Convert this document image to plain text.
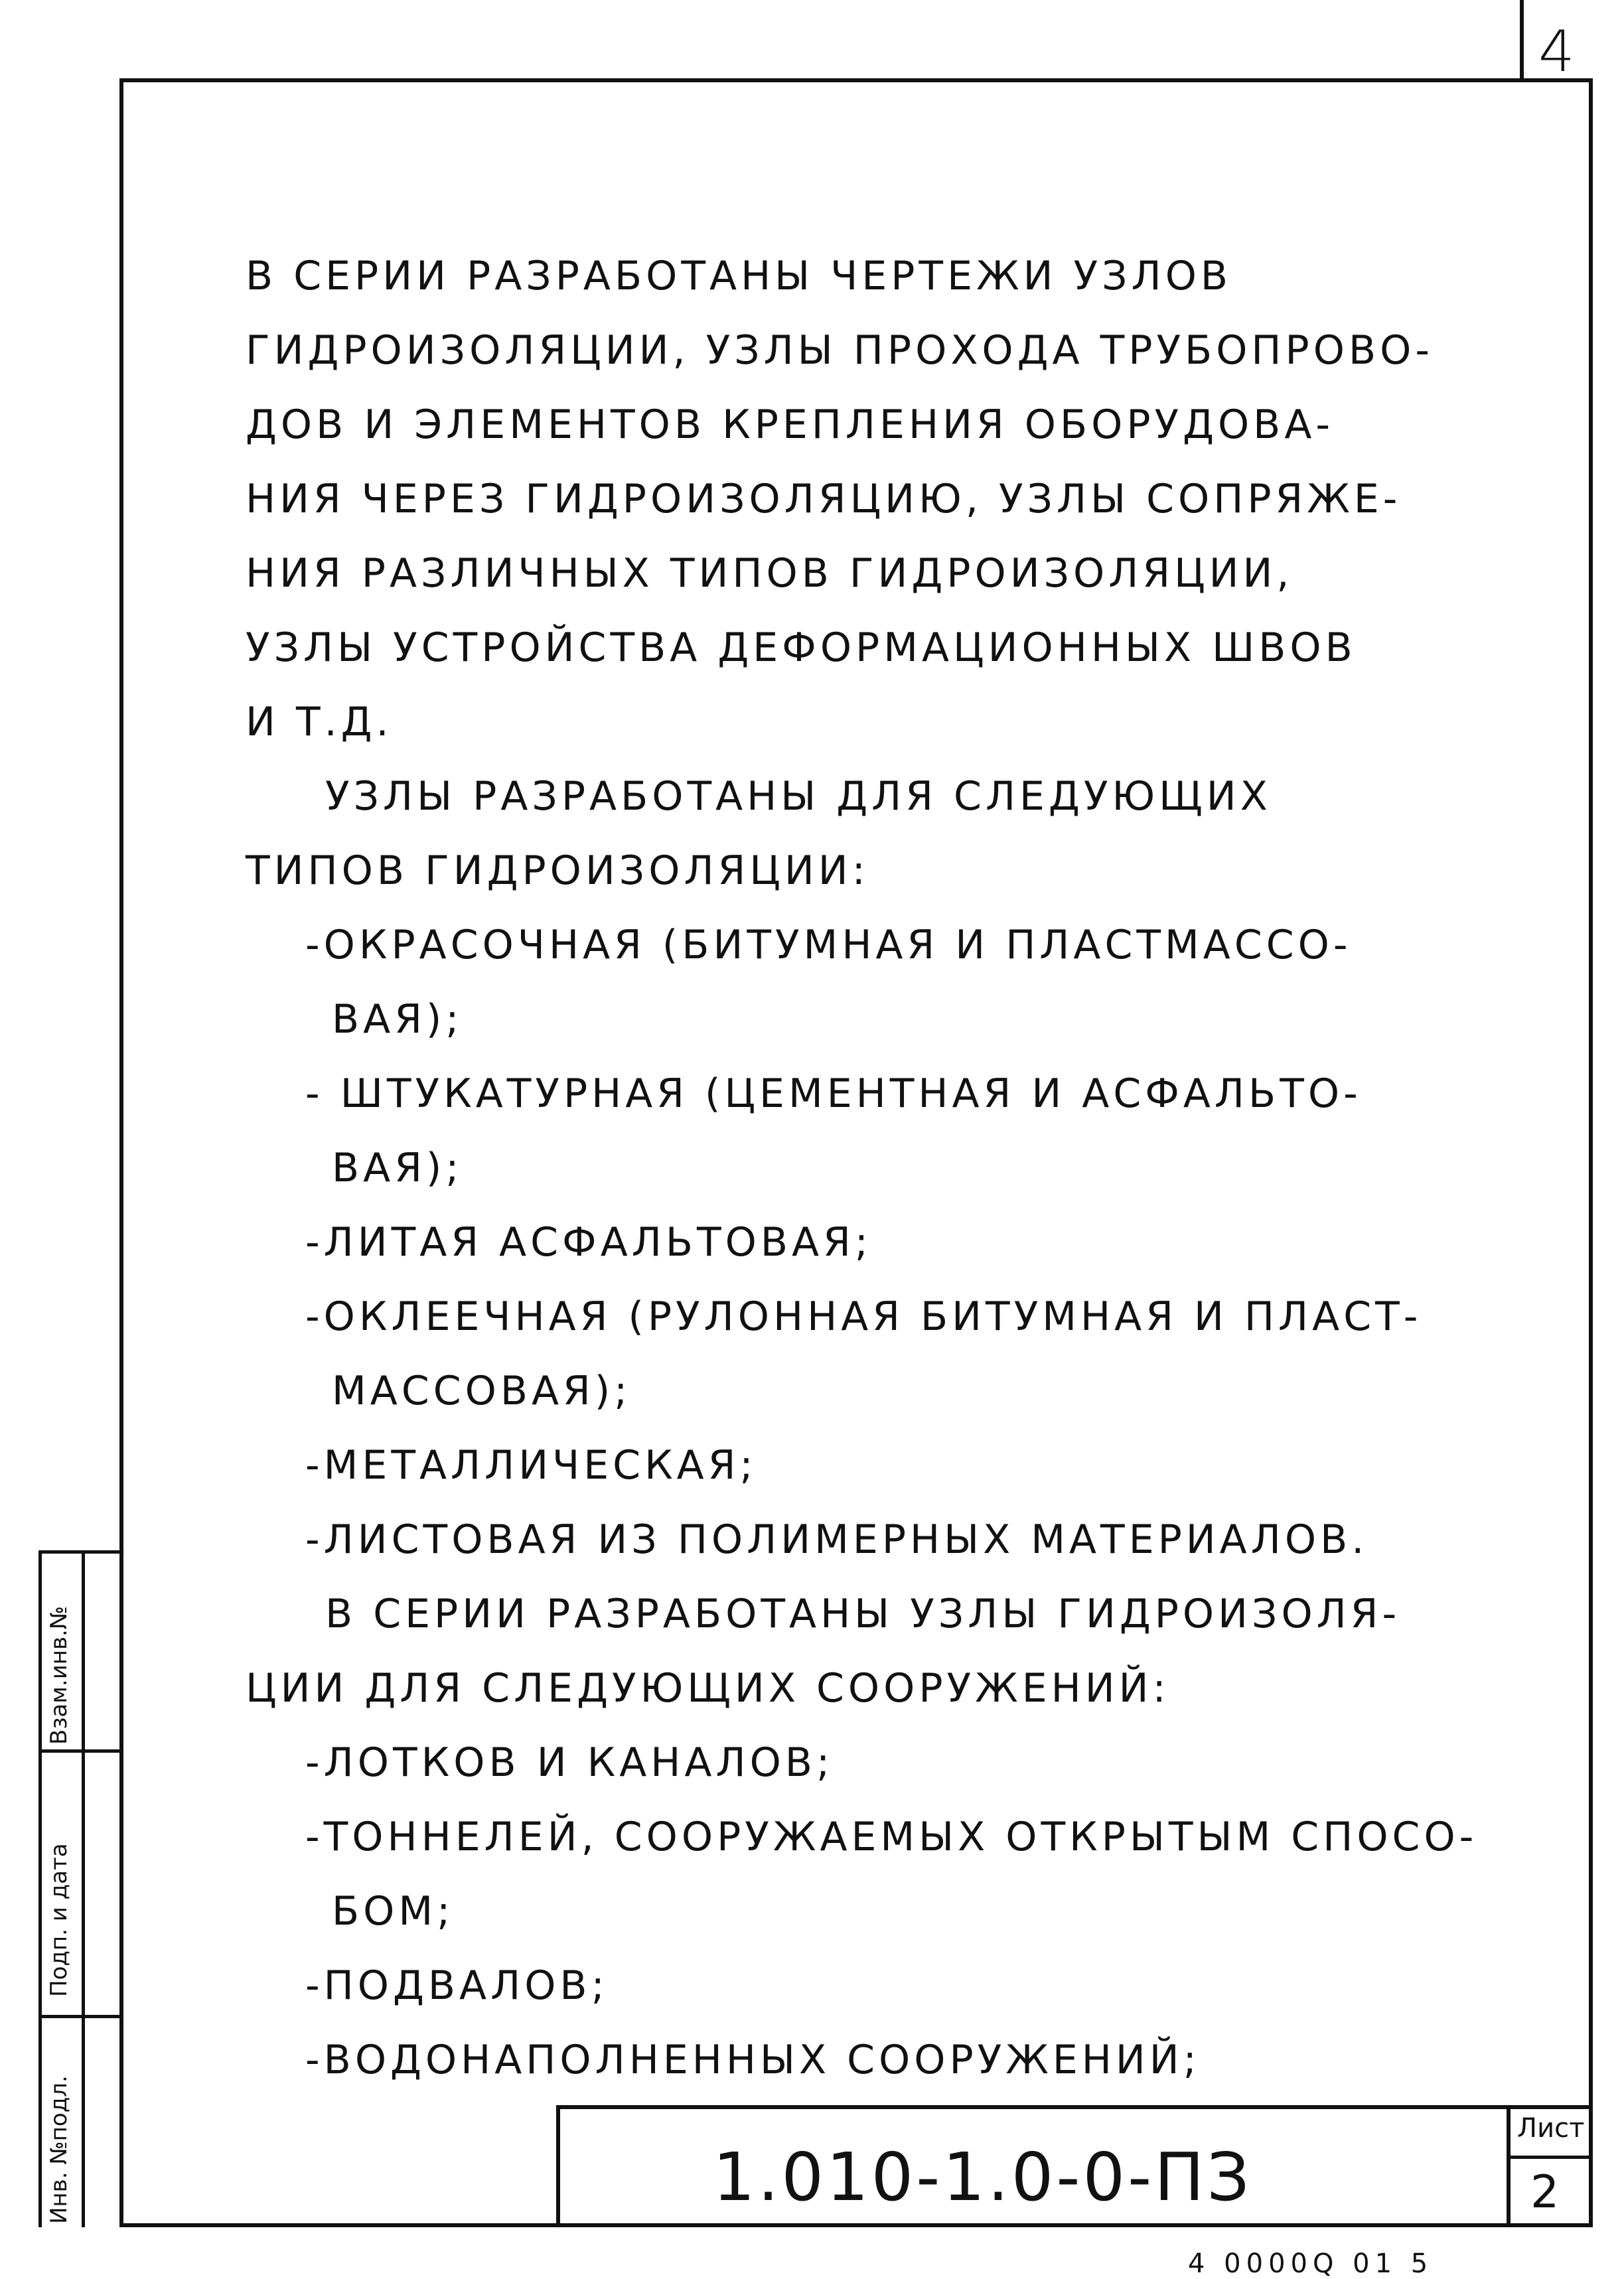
4
В СЕРИИ РАЗРАБОТАНЫ ЧЕРТЕЖИ УЗЛОВ
ГИДРОИЗОЛЯЦИИ, УЗЛЫ ПРОХОДА ТРУБОПРОВО-
ДОВ И ЭЛЕМЕНТОВ КРЕПЛЕНИЯ ОБОРУДОВА-
НИЯ ЧЕРЕЗ ГИДРОИЗОЛЯЦИЮ, УЗЛЫ СОПРЯЖЕ-
НИЯ РАЗЛИЧНЫХ ТИПОВ ГИДРОИЗОЛЯЦИИ,
УЗЛЫ УСТРОЙСТВА ДЕФОРМАЦИОННЫХ ШВОВ
И Т.Д.
УЗЛЫ РАЗРАБОТАНЫ ДЛЯ СЛЕДУЮЩИХ
ТИПОВ ГИДРОИЗОЛЯЦИИ:
-ОКРАСОЧНАЯ (БИТУМНАЯ И ПЛАСТМАССО-
ВАЯ);
- ШТУКАТУРНАЯ (ЦЕМЕНТНАЯ И АСФАЛЬТО-
ВАЯ);
-ЛИТАЯ АСФАЛЬТОВАЯ;
-ОКЛЕЕЧНАЯ (РУЛОННАЯ БИТУМНАЯ И ПЛАСТ-
МАССОВАЯ);
-МЕТАЛЛИЧЕСКАЯ;
-ЛИСТОВАЯ ИЗ ПОЛИМЕРНЫХ МАТЕРИАЛОВ.
В СЕРИИ РАЗРАБОТАНЫ УЗЛЫ ГИДРОИЗОЛЯ-
ЦИИ ДЛЯ СЛЕДУЮЩИХ СООРУЖЕНИЙ:
-ЛОТКОВ И КАНАЛОВ;
-ТОННЕЛЕЙ, СООРУЖАЕМЫХ ОТКРЫТЫМ СПОСО-
БОМ;
-ПОДВАЛОВ;
-ВОДОНАПОЛНЕННЫХ СООРУЖЕНИЙ;
Взам.инв.№
Подп. и дата
Инв. №подл.	1.010-1.0-0-ПЗ
Лист
2
4 0000Q 01 5
